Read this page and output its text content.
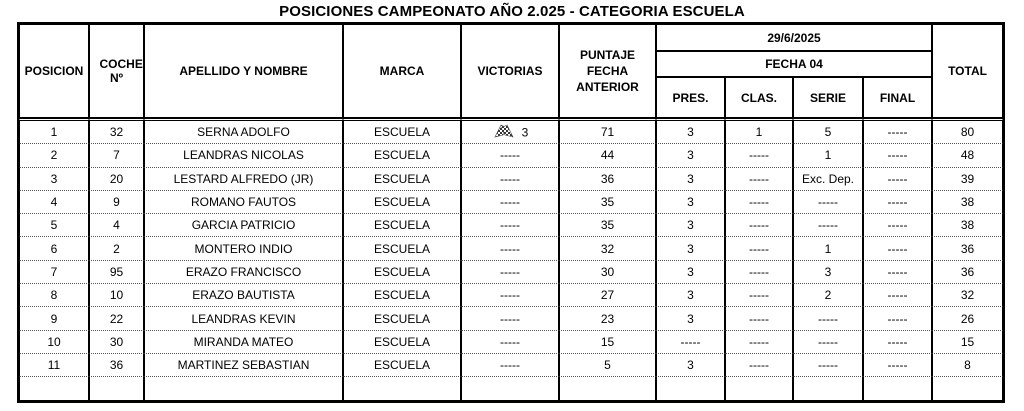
POSICIONES CAMPEONATO AÑO 2.025 - CATEGORIA ESCUELA
POSICION	COCHE Nº	APELLIDO Y NOMBRE	MARCA	VICTORIAS	PUNTAJE FECHA ANTERIOR	29/6/2025				TOTAL
						FECHA 04				
						PRES.	CLAS.	SERIE	FINAL	
1	32	SERNA ADOLFO	ESCUELA	3	71	3	1	5	-----	80
2	7	LEANDRAS NICOLAS	ESCUELA	-----	44	3	-----	1	-----	48
3	20	LESTARD ALFREDO (JR)	ESCUELA	-----	36	3	-----	Exc. Dep.	-----	39
4	9	ROMANO FAUTOS	ESCUELA	-----	35	3	-----	-----	-----	38
5	4	GARCIA PATRICIO	ESCUELA	-----	35	3	-----	-----	-----	38
6	2	MONTERO INDIO	ESCUELA	-----	32	3	-----	1	-----	36
7	95	ERAZO FRANCISCO	ESCUELA	-----	30	3	-----	3	-----	36
8	10	ERAZO BAUTISTA	ESCUELA	-----	27	3	-----	2	-----	32
9	22	LEANDRAS KEVIN	ESCUELA	-----	23	3	-----	-----	-----	26
10	30	MIRANDA MATEO	ESCUELA	-----	15	-----	-----	-----	-----	15
11	36	MARTINEZ SEBASTIAN	ESCUELA	-----	5	3	-----	-----	-----	8
